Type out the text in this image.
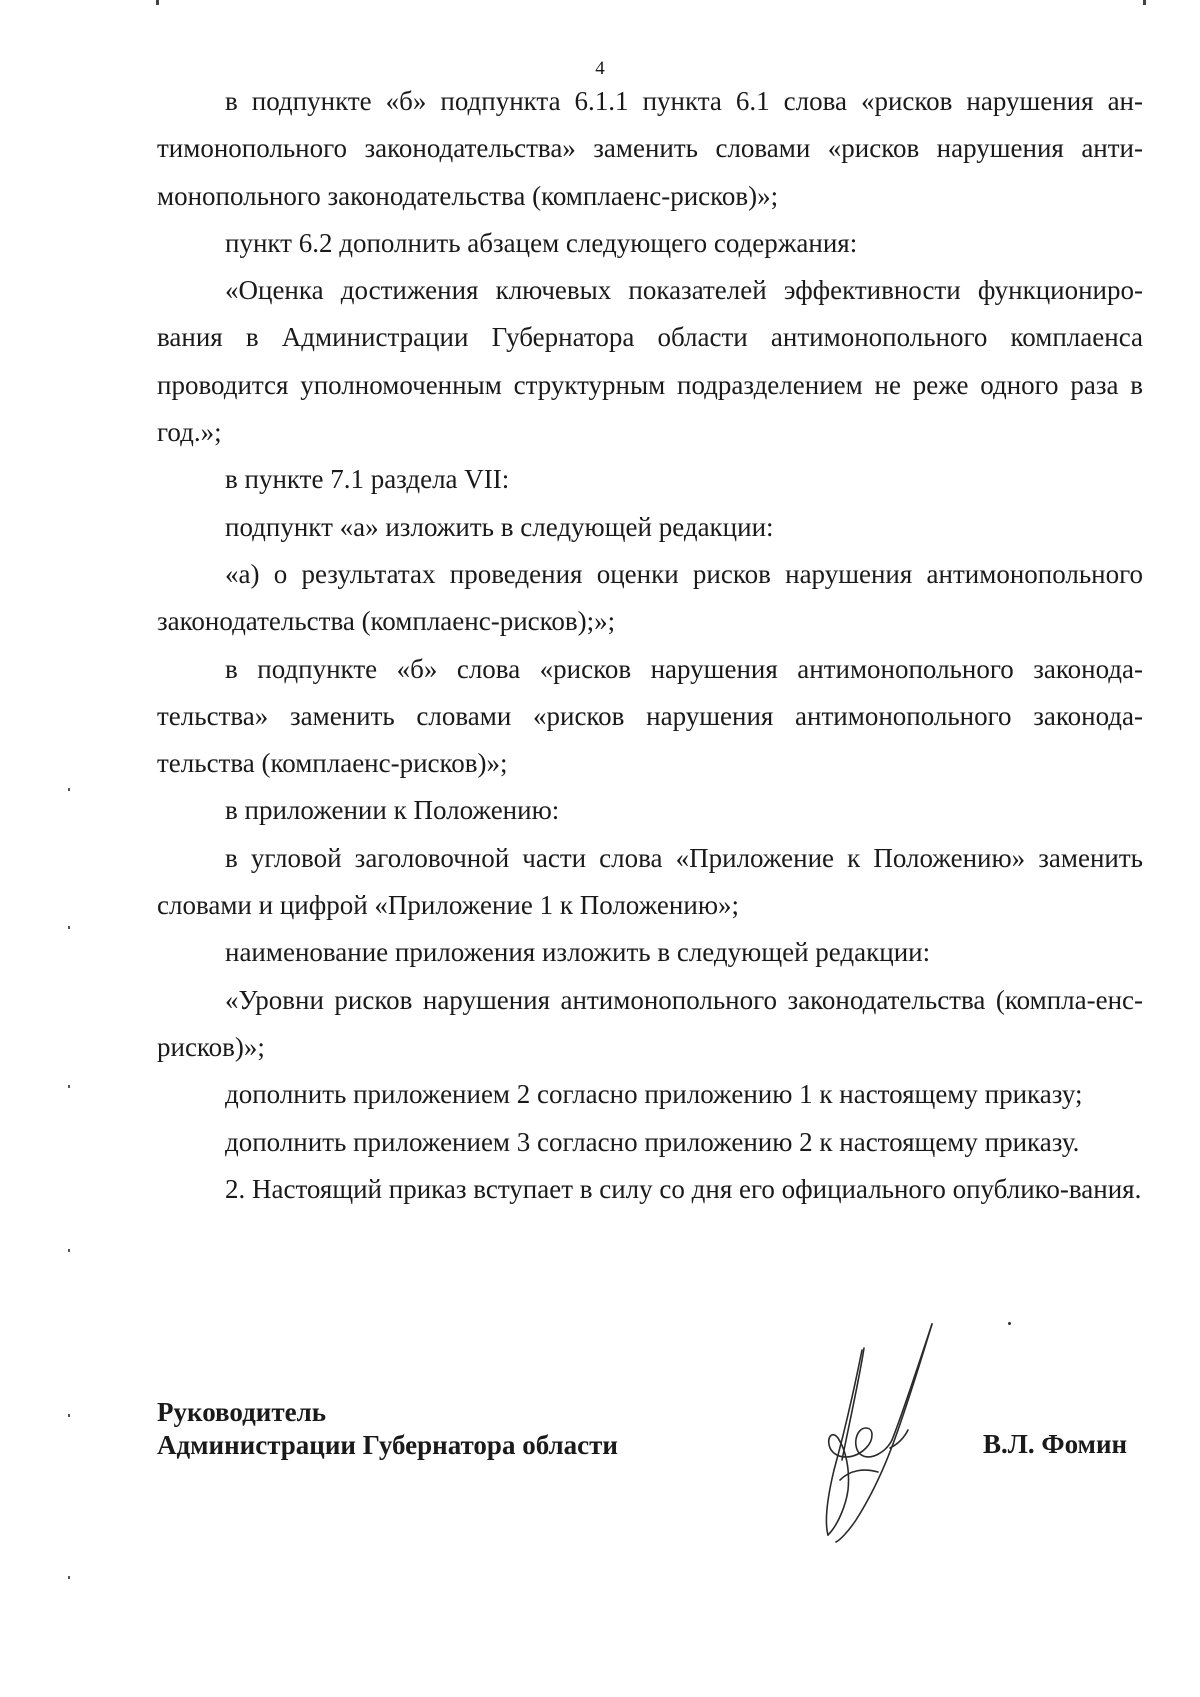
4

в подпункте «б» подпункта 6.1.1 пункта 6.1 слова «рисков нарушения ан-тимонопольного законодательства» заменить словами «рисков нарушения анти-монопольного законодательства (комплаенс-рисков)»;

пункт 6.2 дополнить абзацем следующего содержания:

«Оценка достижения ключевых показателей эффективности функциониро-вания в Администрации Губернатора области антимонопольного комплаенса проводится уполномоченным структурным подразделением не реже одного раза в год.»;

в пункте 7.1 раздела VII:

подпункт «а» изложить в следующей редакции:

«а) о результатах проведения оценки рисков нарушения антимонопольного законодательства (комплаенс-рисков);»;

в подпункте «б» слова «рисков нарушения антимонопольного законода-тельства» заменить словами «рисков нарушения антимонопольного законода-тельства (комплаенс-рисков)»;

в приложении к Положению:

в угловой заголовочной части слова «Приложение к Положению» заменить словами и цифрой «Приложение 1 к Положению»;

наименование приложения изложить в следующей редакции:

«Уровни рисков нарушения антимонопольного законодательства (компла-енс-рисков)»;

дополнить приложением 2 согласно приложению 1 к настоящему приказу;

дополнить приложением 3 согласно приложению 2 к настоящему приказу.

2. Настоящий приказ вступает в силу со дня его официального опублико-вания.

Руководитель
Администрации Губернатора области	В.Л. Фомин
